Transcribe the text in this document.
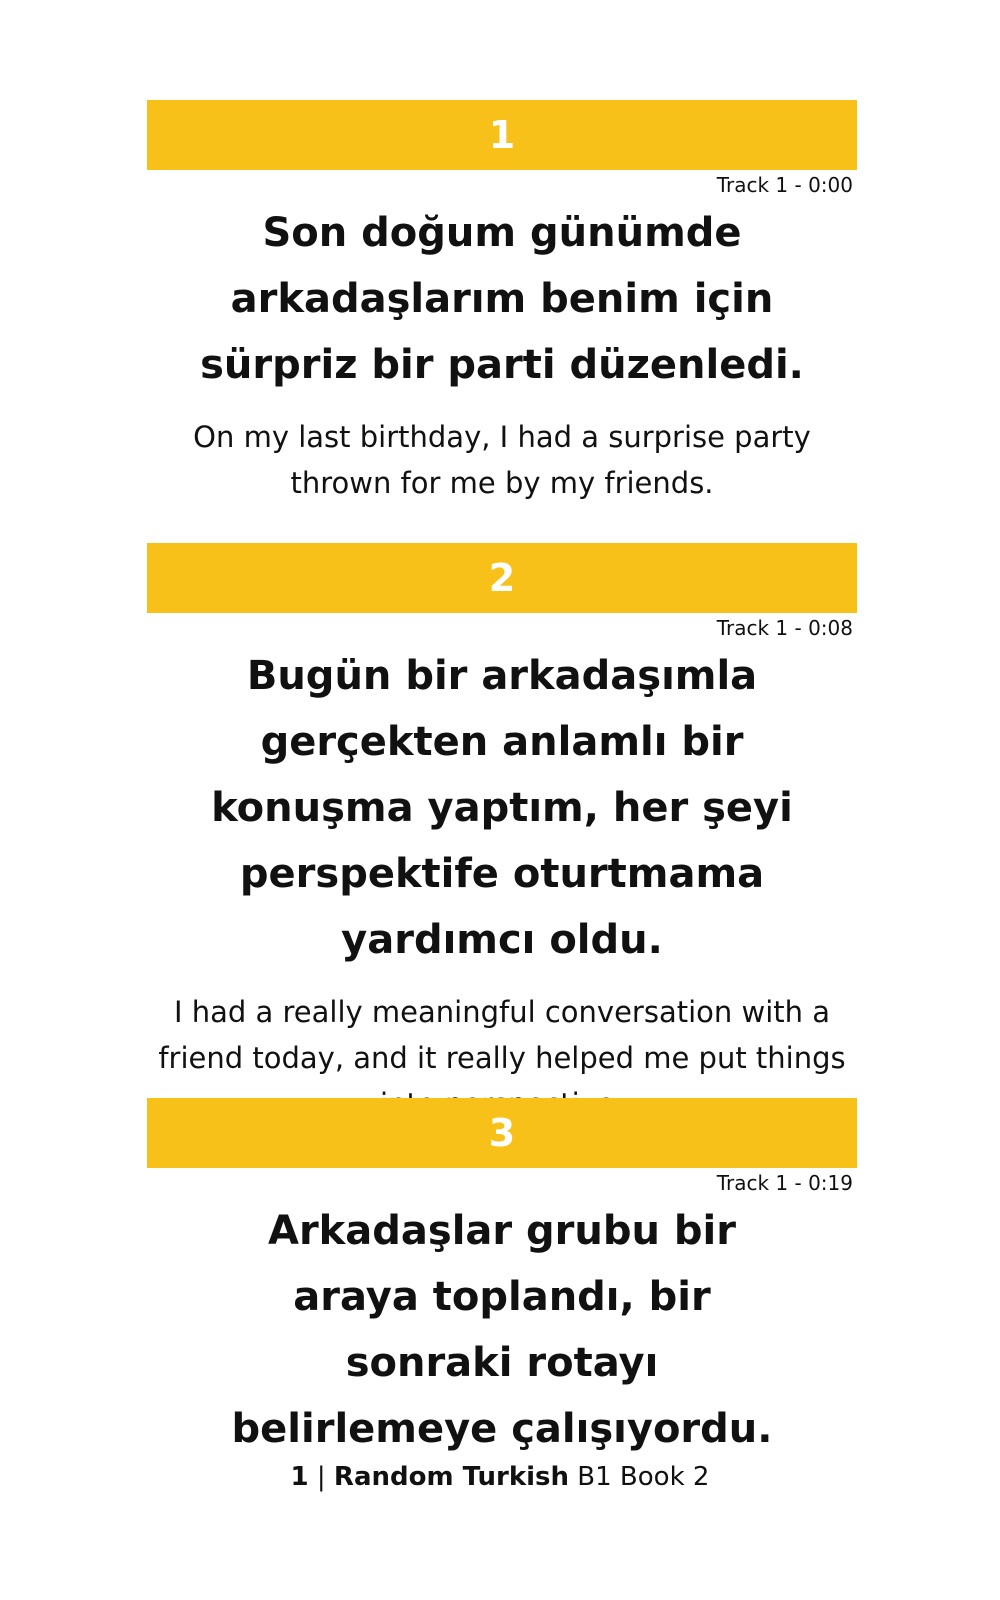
1
Track 1 - 0:00
Son doğum günümde arkadaşlarım benim için sürpriz bir parti düzenledi.
On my last birthday, I had a surprise party thrown for me by my friends.
2
Track 1 - 0:08
Bugün bir arkadaşımla gerçekten anlamlı bir konuşma yaptım, her şeyi perspektife oturtmama yardımcı oldu.
I had a really meaningful conversation with a friend today, and it really helped me put things
3
Track 1 - 0:19
Arkadaşlar grubu bir araya toplandı, bir sonraki rotayı belirlemeye çalışıyordu.
1 | Random Turkish B1 Book 2
